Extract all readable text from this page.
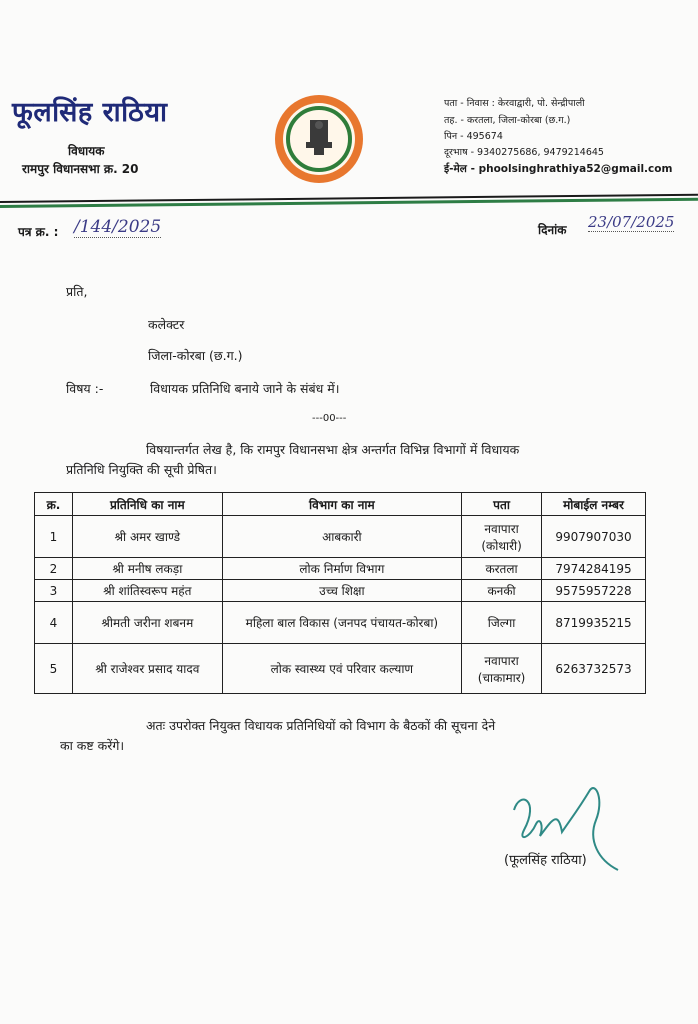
फूलसिंह राठिया
विधायक
रामपुर विधानसभा क्र. 20
पता - निवास : केरवाद्वारी, पो. सेन्द्रीपाली
तह. - करतला, जिला-कोरबा (छ.ग.)
पिन - 495674
दूरभाष - 9340275686, 9479214645
ई-मेल - phoolsinghrathiya52@gmail.com
पत्र क्र. : /144/2025	दिनांक 23/07/2025
प्रति,
कलेक्टर
जिला-कोरबा (छ.ग.)
विषय :-	विधायक प्रतिनिधि बनाये जाने के संबंध में।
---00---
विषयान्तर्गत लेख है, कि रामपुर विधानसभा क्षेत्र अन्तर्गत विभिन्न विभागों में विधायक
प्रतिनिधि नियुक्ति की सूची प्रेषित।
क्र.	प्रतिनिधि का नाम	विभाग का नाम	पता	मोबाईल नम्बर
1	श्री अमर खाण्डे	आबकारी	नवापारा (कोथारी)	9907907030
2	श्री मनीष लकड़ा	लोक निर्माण विभाग	करतला	7974284195
3	श्री शांतिस्वरूप महंत	उच्च शिक्षा	कनकी	9575957228
4	श्रीमती जरीना शबनम	महिला बाल विकास (जनपद पंचायत-कोरबा)	जिल्गा	8719935215
5	श्री राजेश्वर प्रसाद यादव	लोक स्वास्थ्य एवं परिवार कल्याण	नवापारा (चाकामार)	6263732573
अतः उपरोक्त नियुक्त विधायक प्रतिनिधियों को विभाग के बैठकों की सूचना देने
का कष्ट करेंगे।
(फूलसिंह राठिया)
